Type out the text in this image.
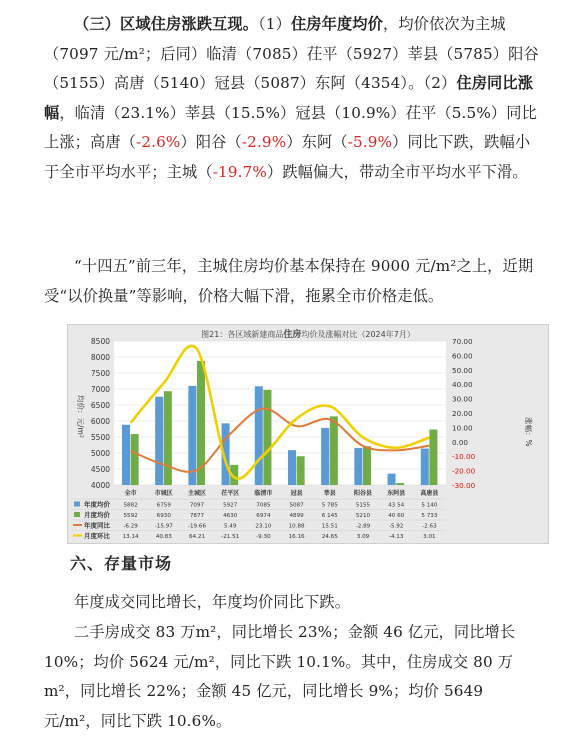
（三）区域住房涨跌互现。（1）住房年度均价，均价依次为主城（7097 元/m²；后同）临清（7085）茌平（5927）莘县（5785）阳谷（5155）高唐（5140）冠县（5087）东阿（4354）。（2）住房同比涨幅，临清（23.1%）莘县（15.5%）冠县（10.9%）茌平（5.5%）同比上涨；高唐（-2.6%）阳谷（-2.9%）东阿（-5.9%）同比下跌，跌幅小于全市平均水平；主城（-19.7%）跌幅偏大，带动全市平均水平下滑。
“十四五”前三年，主城住房均价基本保持在 9000 元/m²之上，近期受“以价换量”等影响，价格大幅下滑，拖累全市价格走低。
图21：各区域新建商品住房均价及涨幅对比（2024年7月）
8500
8000
7500
7000
6500
6000
5500
5000
4500
4000
70.00
60.00
50.00
40.00
30.00
20.00
10.00
0.00
-10.00
-20.00
-30.00
全市	市城区	主城区	茌平区	临清市	冠县	莘县	阳谷县	东阿县	高唐县
年度均价 5882	6759	7097	5927	7085	5087	5 785	5155	43 54	5 140
月度均价 5592	6930	7877	4630	6974	4899	6 145	5210	40 60	5 733
年度同比 -6.29	-15.97	-19.66	5.49	23.10	10.88	15.51	-2.89	-5.92	-2.63
月度环比 13.14	40.83	64.21	-21.51	-9.30	16.16	24.65	3.09	-4.13	3.01
均价：元/m²	涨幅：%
六、存量市场
年度成交同比增长，年度均价同比下跌。
二手房成交 83 万m²，同比增长 23%；金额 46 亿元，同比增长 10%；均价 5624 元/m²，同比下跌 10.1%。其中，住房成交 80 万m²，同比增长 22%；金额 45 亿元，同比增长 9%；均价 5649 元/m²，同比下跌 10.6%。
